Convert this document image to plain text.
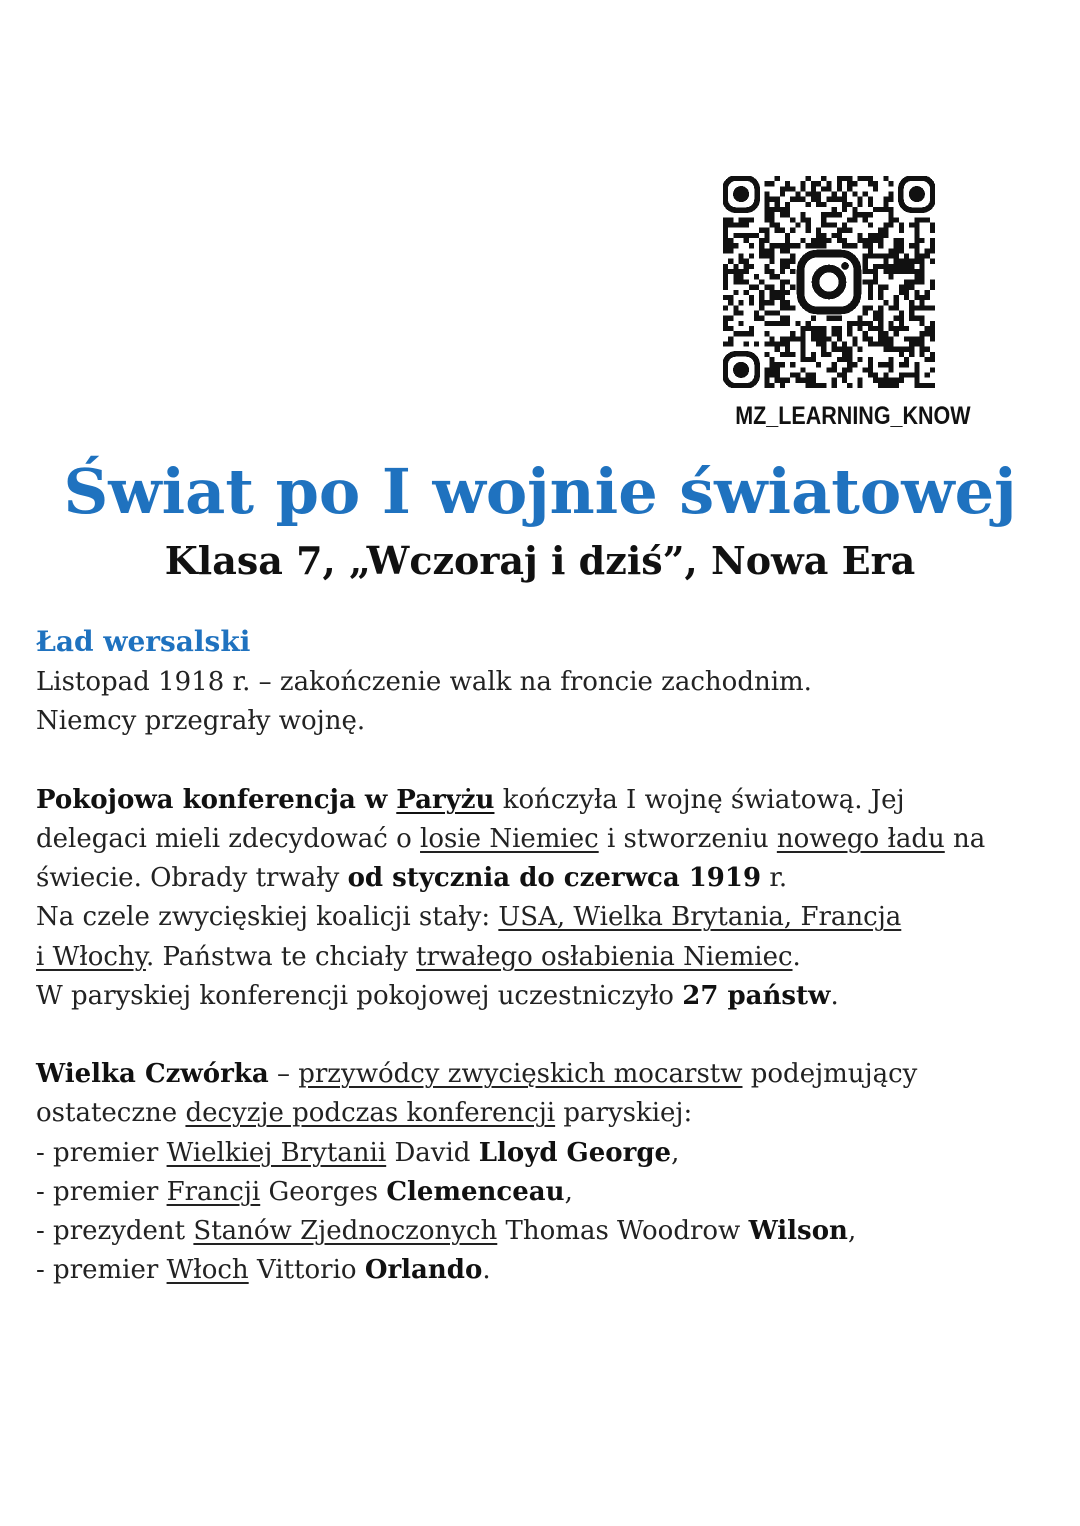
MZ_LEARNING_KNOW
Świat po I wojnie światowej
Klasa 7, „Wczoraj i dziś”, Nowa Era

Ład wersalski

Listopad 1918 r. – zakończenie walk na froncie zachodnim.

Niemcy przegrały wojnę.

Pokojowa konferencja w Paryżu kończyła I wojnę światową. Jej

delegaci mieli zdecydować o losie Niemiec i stworzeniu nowego ładu na

świecie. Obrady trwały od stycznia do czerwca 1919 r.

Na czele zwycięskiej koalicji stały: USA, Wielka Brytania, Francja

i Włochy. Państwa te chciały trwałego osłabienia Niemiec.

W paryskiej konferencji pokojowej uczestniczyło 27 państw.

Wielka Czwórka – przywódcy zwycięskich mocarstw podejmujący

ostateczne decyzje podczas konferencji paryskiej:

- premier Wielkiej Brytanii David Lloyd George,

- premier Francji Georges Clemenceau,

- prezydent Stanów Zjednoczonych Thomas Woodrow Wilson,

- premier Włoch Vittorio Orlando.
